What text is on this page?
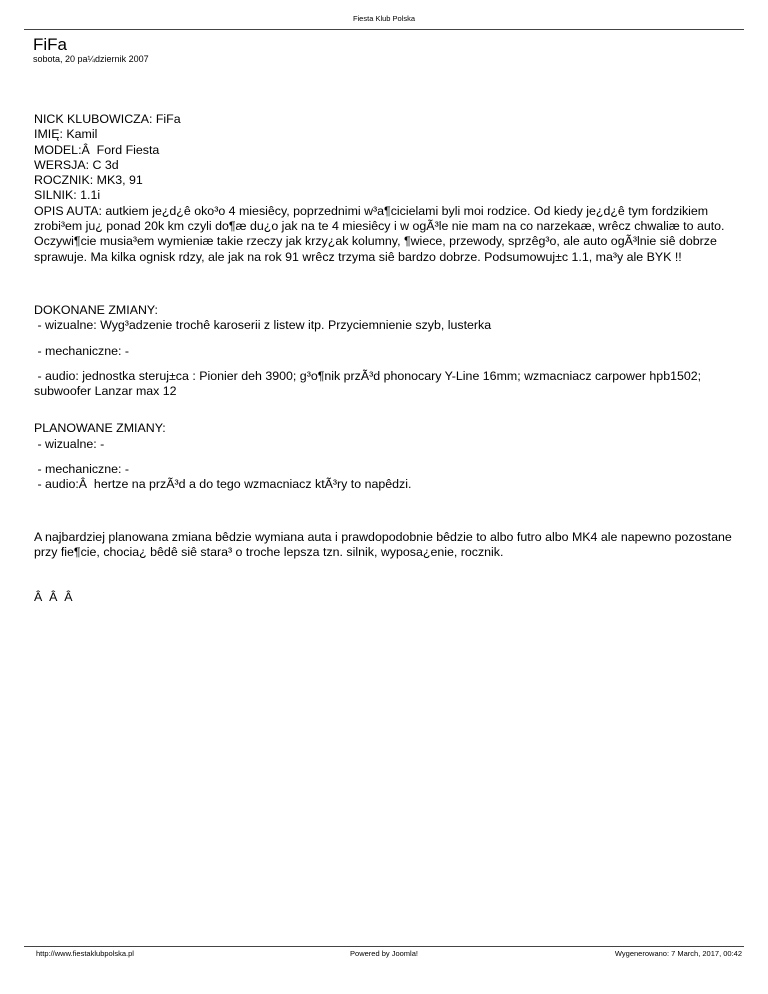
Fiesta Klub Polska
FiFa
sobota, 20 pa¼dziernik 2007

NICK KLUBOWICZA: FiFa
IMIĘ: Kamil
MODEL:Â  Ford Fiesta
WERSJA: C 3d
ROCZNIK: MK3, 91
SILNIK: 1.1i
OPIS AUTA: autkiem je¿d¿ê oko³o 4 miesiêcy, poprzednimi w³a¶cicielami byli moi rodzice. Od kiedy je¿d¿ê tym fordzikiem zrobi³em ju¿ ponad 20k km czyli do¶æ du¿o jak na te 4 miesiêcy i w ogÃ³le nie mam na co narzekaæ, wrêcz chwaliæ to auto. Oczywi¶cie musia³em wymieniæ takie rzeczy jak krzy¿ak kolumny, ¶wiece, przewody, sprzêg³o, ale auto ogÃ³lnie siê dobrze sprawuje. Ma kilka ognisk rdzy, ale jak na rok 91 wrêcz trzyma siê bardzo dobrze. Podsumowuj±c 1.1, ma³y ale BYK !!

DOKONANE ZMIANY:
- wizualne: Wyg³adzenie trochê karoserii z listew itp. Przyciemnienie szyb, lusterka

- mechaniczne: -

- audio: jednostka steruj±ca : Pionier deh 3900; g³o¶nik przÃ³d phonocary Y-Line 16mm; wzmacniacz carpower hpb1502; subwoofer Lanzar max 12

PLANOWANE ZMIANY:
- wizualne: -

- mechaniczne: -
- audio:Â  hertze na przÃ³d a do tego wzmacniacz ktÃ³ry to napêdzi.

A najbardziej planowana zmiana bêdzie wymiana auta i prawdopodobnie bêdzie to albo futro albo MK4 ale napewno pozostane przy fie¶cie, chocia¿ bêdê siê stara³ o troche lepsza tzn. silnik, wyposa¿enie, rocznik.

Â  Â  Â

http://www.fiestaklubpolska.pl	Powered by Joomla!	Wygenerowano: 7 March, 2017, 00:42
